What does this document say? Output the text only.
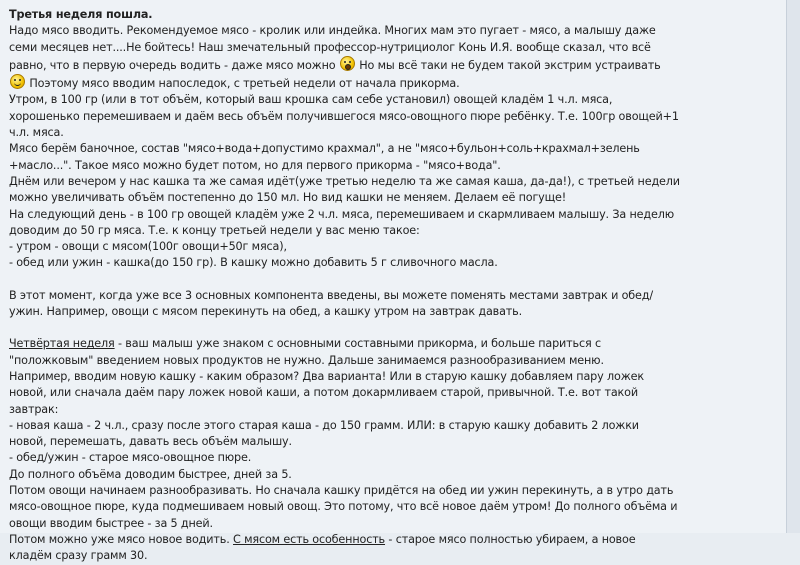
Третья неделя пошла.
Надо мясо вводить. Рекомендуемое мясо - кролик или индейка. Многих мам это пугает - мясо, а малышу даже
семи месяцев нет....Не бойтесь! Наш змечательный профессор-нутрициолог Конь И.Я. вообще сказал, что всё
равно, что в первую очередь водить - даже мясо можно Но мы всё таки не будем такой экстрим устраивать
Поэтому мясо вводим напоследок, с третьей недели от начала прикорма.
Утром, в 100 гр (или в тот объём, который ваш крошка сам себе установил) овощей кладём 1 ч.л. мяса,
хорошенько перемешиваем и даём весь объём получившегося мясо-овощного пюре ребёнку. Т.е. 100гр овощей+1
ч.л. мяса.
Мясо берём баночное, состав "мясо+вода+допустимо крахмал", а не "мясо+бульон+соль+крахмал+зелень
+масло...". Такое мясо можно будет потом, но для первого прикорма - "мясо+вода".
Днём или вечером у нас кашка та же самая идёт(уже третью неделю та же самая каша, да-да!), с третьей недели
можно увеличивать объём постепенно до 150 мл. Но вид кашки не меняем. Делаем её погуще!
На следующий день - в 100 гр овощей кладём уже 2 ч.л. мяса, перемешиваем и скармливаем малышу. За неделю
доводим до 50 гр мяса. Т.е. к концу третьей недели у вас меню такое:
- утром - овощи с мясом(100г овощи+50г мяса),
- обед или ужин - кашка(до 150 гр). В кашку можно добавить 5 г сливочного масла.
В этот момент, когда уже все 3 основных компонента введены, вы можете поменять местами завтрак и обед/
ужин. Например, овощи с мясом перекинуть на обед, а кашку утром на завтрак давать.
Четвёртая неделя - ваш малыш уже знаком с основными составными прикорма, и больше париться с
"положковым" введением новых продуктов не нужно. Дальше занимаемся разнообразиванием меню.
Например, вводим новую кашку - каким образом? Два варианта! Или в старую кашку добавляем пару ложек
новой, или сначала даём пару ложек новой каши, а потом докармливаем старой, привычной. Т.е. вот такой
завтрак:
- новая каша - 2 ч.л., сразу после этого старая каша - до 150 грамм. ИЛИ: в старую кашку добавить 2 ложки
новой, перемешать, давать весь объём малышу.
- обед/ужин - старое мясо-овощное пюре.
До полного объёма доводим быстрее, дней за 5.
Потом овощи начинаем разнообразивать. Но сначала кашку придётся на обед ии ужин перекинуть, а в утро дать
мясо-овощное пюре, куда подмешиваем новый овощ. Это потому, что всё новое даём утром! До полного объёма и
овощи вводим быстрее - за 5 дней.
Потом можно уже мясо новое водить. С мясом есть особенность - старое мясо полностью убираем, а новое
кладём сразу грамм 30.
